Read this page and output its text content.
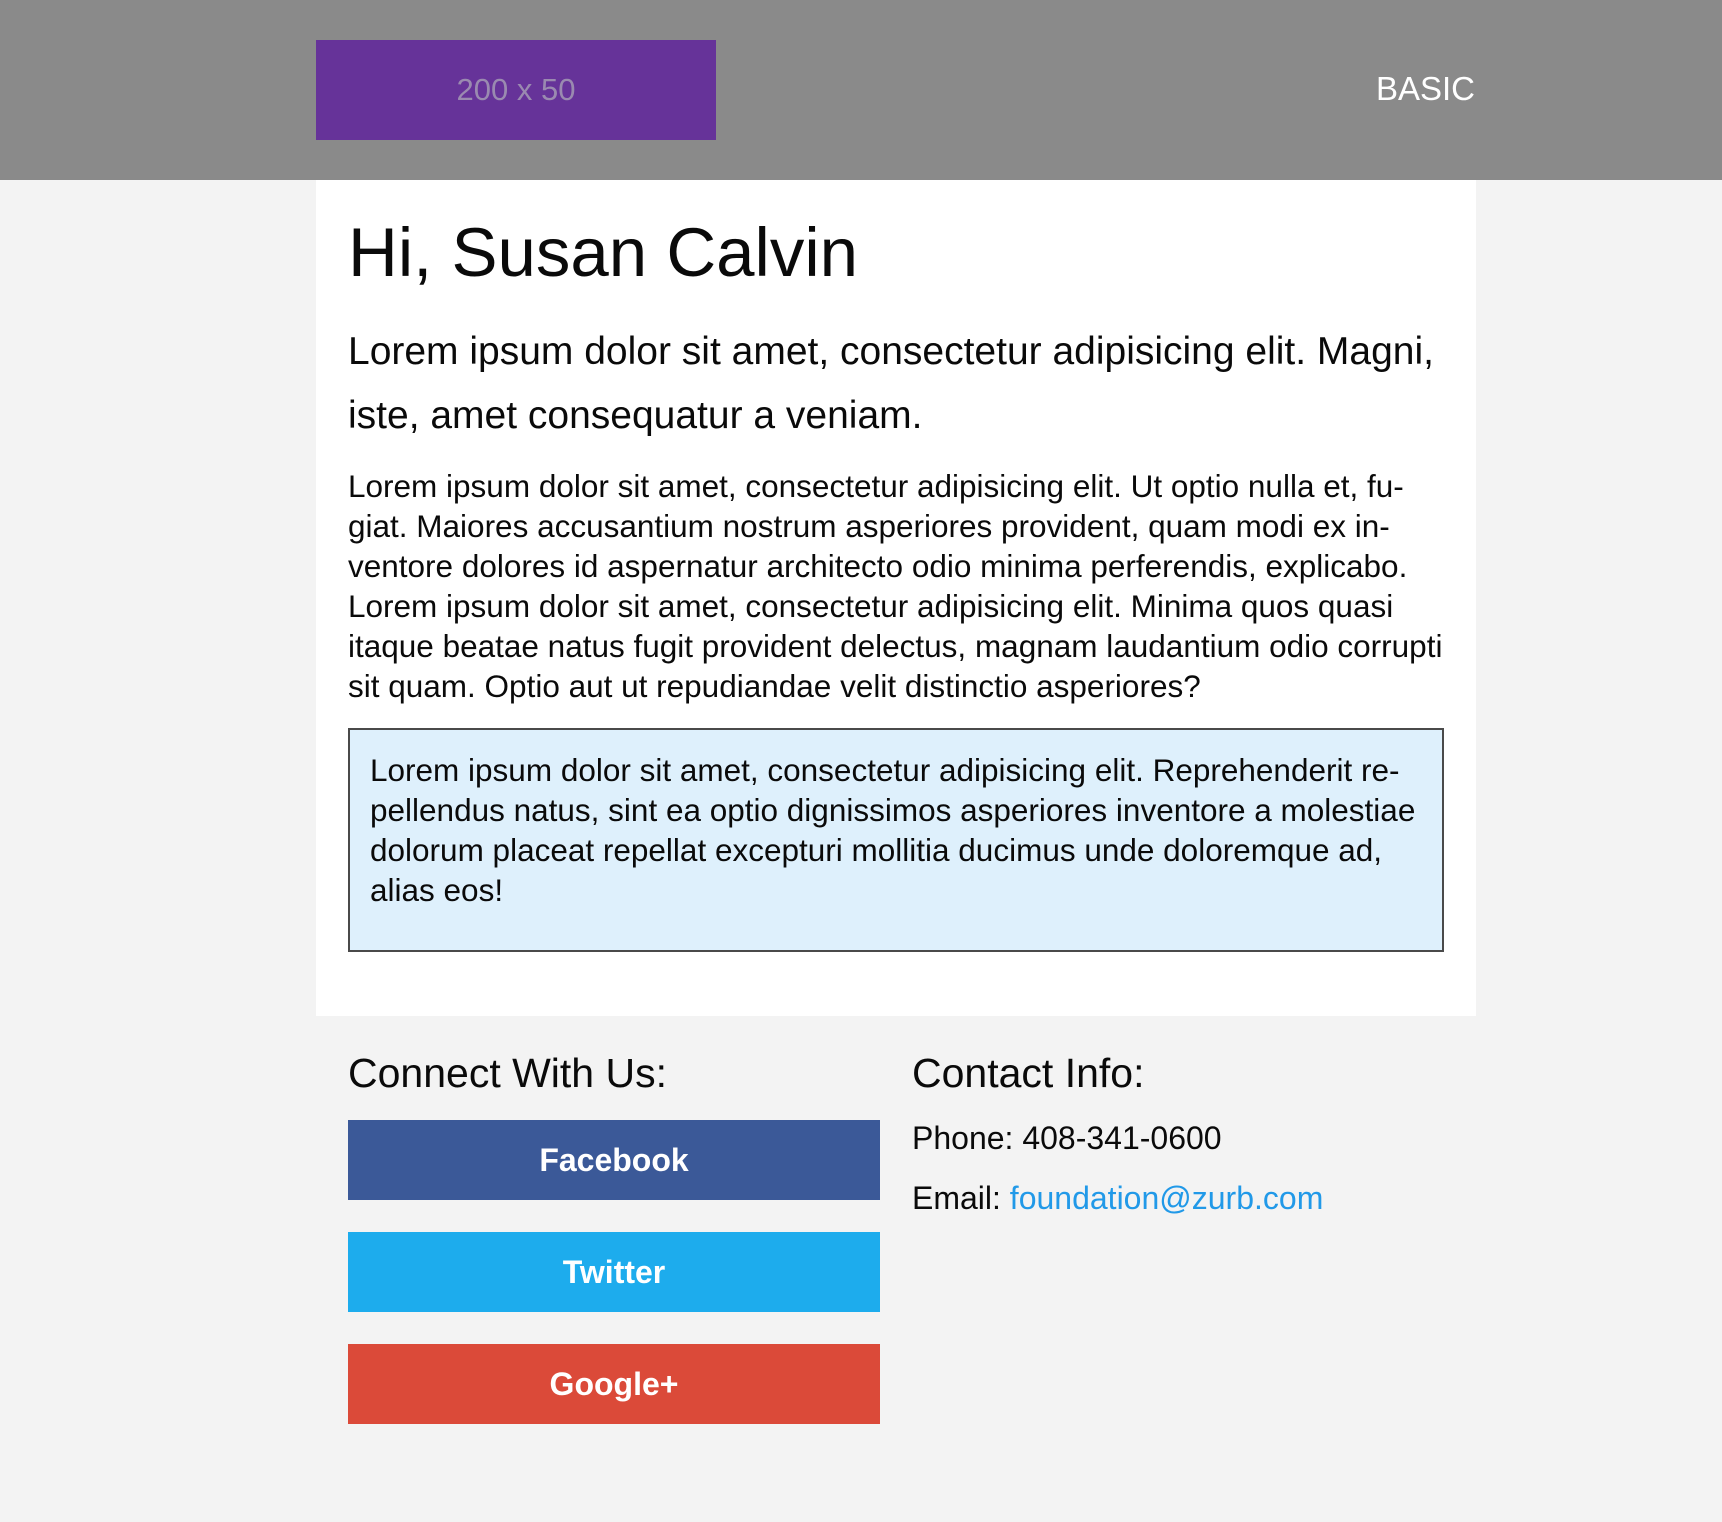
200 x 50	BASIC
Hi, Susan Calvin

Lorem ipsum dolor sit amet, consectetur adipisicing elit. Magni, iste, amet consequatur a veniam.

Lorem ipsum dolor sit amet, consectetur adipisicing elit. Ut optio nulla et, fugiat. Maiores accusantium nostrum asperiores provident, quam modi ex inventore dolores id aspernatur architecto odio minima perferendis, explicabo. Lorem ipsum dolor sit amet, consectetur adipisicing elit. Minima quos quasi itaque beatae natus fugit provident delectus, magnam laudantium odio corrupti sit quam. Optio aut ut repudiandae velit distinctio asperiores?

Lorem ipsum dolor sit amet, consectetur adipisicing elit. Reprehenderit repellendus natus, sint ea optio dignissimos asperiores inventore a molestiae dolorum placeat repellat excepturi mollitia ducimus unde doloremque ad, alias eos!
Connect With Us:
Facebook
Twitter
Google+
Contact Info:

Phone: 408-341-0600

Email: foundation@zurb.com
